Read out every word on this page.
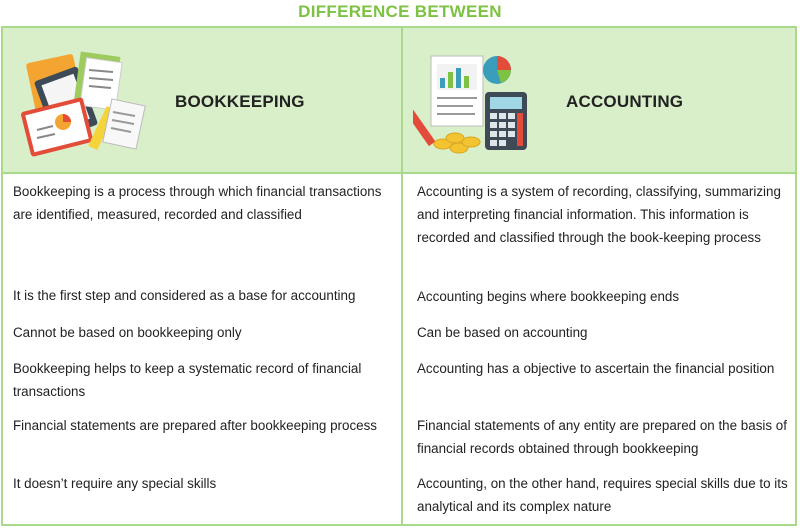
DIFFERENCE BETWEEN
BOOKKEEPING	ACCOUNTING
Bookkeeping is a process through which financial transactions are identified, measured, recorded and classified
It is the first step and considered as a base for accounting
Cannot be based on bookkeeping only
Bookkeeping helps to keep a systematic record of financial transactions
Financial statements are prepared after bookkeeping process
It doesn’t require any special skills
Accounting is a system of recording, classifying, summarizing and interpreting financial information. This information is recorded and classified through the book-keeping process
Accounting begins where bookkeeping ends
Can be based on accounting
Accounting has a objective to ascertain the financial position
Financial statements of any entity are prepared on the basis of financial records obtained through bookkeeping
Accounting, on the other hand, requires special skills due to its analytical and its complex nature
